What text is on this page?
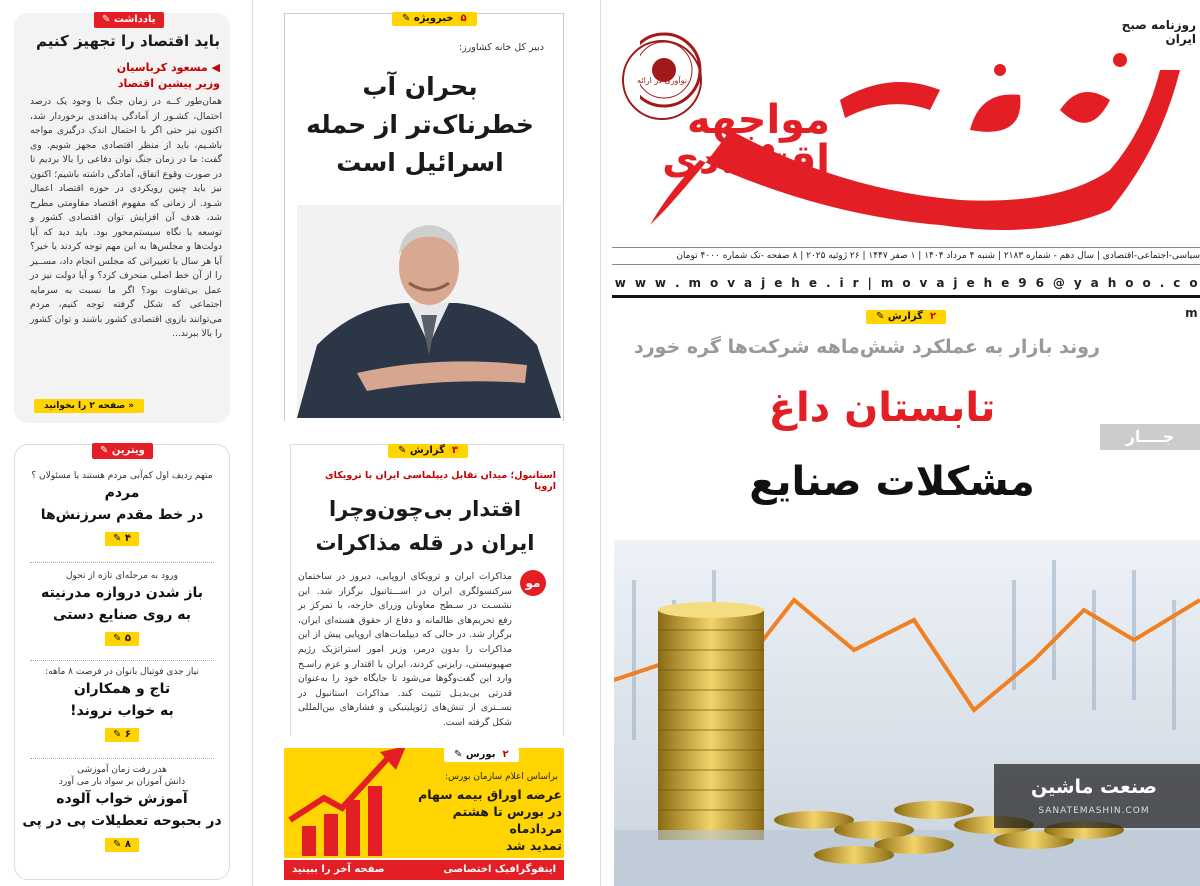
یادداشت ✎
باید اقتصاد را تجهیز کنیم
◀ مسعود کرباسیان
وزیر پیشین اقتصاد
همان‌طور کــه در زمان جنگ با وجود یک درصد احتمال، کشـور از آمادگی پدافندی برخوردار شد، اکنون نیز حتی اگر با احتمال اندک درگیری مواجه باشـیم، باید از منظر اقتصادی مجهز شویم. وی گفت: ما در زمان جنگ توان دفاعی را بالا بردیم تا در صورت وقوع اتفاق، آمادگی داشته باشیم؛ اکنون نیز باید چنین رویکردی در حوزه اقتصاد اعمال شـود. از زمانی که مفهوم اقتصاد مقاومتی مطرح شد، هدف آن افزایش توان اقتصادی کشور و توسعه با نگاه سیستم‌محور بود. باید دید که آیا دولت‌ها و مجلس‌ها به این مهم توجه کردند یا خیر؟ آیا هر سال با تغییراتی که مجلس انجام داد، مســیر را از آن خط اصلی منحرف کرد؟ و آیا دولت نیز در عمل بی‌تفاوت بود؟ اگر ما نسبت به سرمایه اجتماعی که شکل گرفته توجه کنیم، مردم می‌توانند بازوی اقتصادی کشور باشند و توان کشور را بالا ببرند...
« صفحه ۲ را بخوانید
ویترین ✎
متهم ردیف اول کم‌آبی مردم هستند یا مسئولان ؟
مردم
در خط مقدم سرزنش‌ها
۴ ✎
ورود به مرحله‌ای تازه از تحول
باز شدن دروازه مدرنیته
به روی صنایع دستی
۵ ✎
نیاز جدی فوتبال بانوان در فرصت ۸ ماهه:
تاج و همکاران
به خواب نروند!
۶ ✎
هدر رفت زمان آموزشی
دانش آموزان بر سواد بار می آورد
آموزش خواب آلوده
در بحبوحه تعطیلات پی در پی
۸ ✎
۵  خبرویژه ✎
دبیر کل خانه کشاورز:
بحران آب
خطرناک‌تر از حمله
اسرائیل است
۳  گزارش ✎
استانبول؛ میدان تقابل دیپلماسی ایران با ترویکای اروپا
اقتدار بی‌چون‌وچرا
ایران در قله مذاکرات
مو
مذاکرات ایران و ترویکای اروپایی، دیروز در ساختمان سرکنسولگری ایران در اســـتانبول برگزار شد. این نشسـت در سـطح معاونان وزرای خارجه، با تمرکز بر رفع تحریم‌های ظالمانه و دفاع از حقوق هسته‌ای ایران، برگزار شد. در حالی که دیپلمات‌های اروپایی پیش از این مذاکرات را بدون درمر، وزیر امور استراتژیک رژیم صهیونیستی، رایزنی کردند، ایران با اقتدار و عزم راسـخ وارد این گفت‌وگوها می‌شود تا جایگاه خود را به‌عنوان قدرتی بی‌بدیـل تثبیت کند. مذاکرات استانبول در بســتری از تنش‌های ژئوپلیتیکی و فشارهای بین‌المللی شکل گرفته است.
۲  بورس ✎
براساس اعلام سازمان بورس:
عرضه اوراق بیمه سهام
در بورس تا هشتم مردادماه
تمدید شد
اینفوگرافیک اختصاصی
صفحه آخر را ببینید
روزنامه صبح ایران
نوآوری در ارائه
مواجهه اقتصادی
سیاسی-اجتماعی-اقتصادی | سال دهم - شماره ۲۱۸۳ | شنبه ۴ مرداد ۱۴۰۴ | ۱ صفر ۱۴۴۷ | ۲۶ ژوئیه ۲۰۲۵ | ۸ صفحه -تک شماره ۴۰۰۰ تومان
w w w . m o v a j e h e . i r | m o v a j e h e 9 6 @ y a h o o . c o m
۲  گزارش ✎
روند بازار به عملکرد شش‌ماهه شرکت‌ها گره خورد
تابستان داغ
جــــار
مشکلات صنایع
صنعت ماشین
SANATEMASHIN.COM
